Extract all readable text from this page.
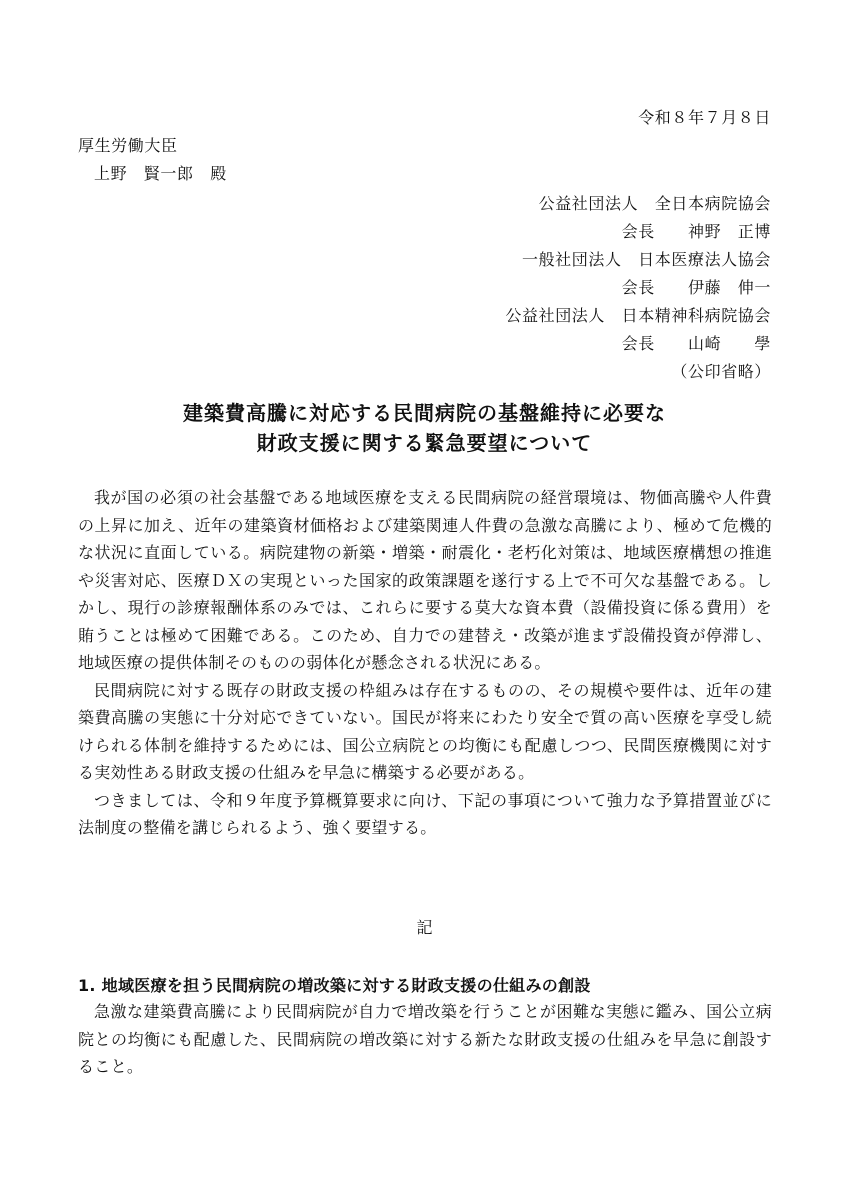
令和８年７月８日
厚生労働大臣
上野　賢一郎　殿
公益社団法人　全日本病院協会
会長　　神野　正博
一般社団法人　日本医療法人協会
会長　　伊藤　伸一
公益社団法人　日本精神科病院協会
会長　　山崎　　學
（公印省略）
建築費高騰に対応する民間病院の基盤維持に必要な
財政支援に関する緊急要望について

我が国の必須の社会基盤である地域医療を支える民間病院の経営環境は、物価高騰や人件費の上昇に加え、近年の建築資材価格および建築関連人件費の急激な高騰により、極めて危機的な状況に直面している。病院建物の新築・増築・耐震化・老朽化対策は、地域医療構想の推進や災害対応、医療ＤＸの実現といった国家的政策課題を遂行する上で不可欠な基盤である。しかし、現行の診療報酬体系のみでは、これらに要する莫大な資本費（設備投資に係る費用）を賄うことは極めて困難である。このため、自力での建替え・改築が進まず設備投資が停滞し、地域医療の提供体制そのものの弱体化が懸念される状況にある。

民間病院に対する既存の財政支援の枠組みは存在するものの、その規模や要件は、近年の建築費高騰の実態に十分対応できていない。国民が将来にわたり安全で質の高い医療を享受し続けられる体制を維持するためには、国公立病院との均衡にも配慮しつつ、民間医療機関に対する実効性ある財政支援の仕組みを早急に構築する必要がある。

つきましては、令和９年度予算概算要求に向け、下記の事項について強力な予算措置並びに法制度の整備を講じられるよう、強く要望する。

記
1. 地域医療を担う民間病院の増改築に対する財政支援の仕組みの創設
急激な建築費高騰により民間病院が自力で増改築を行うことが困難な実態に鑑み、国公立病院との均衡にも配慮した、民間病院の増改築に対する新たな財政支援の仕組みを早急に創設すること。
